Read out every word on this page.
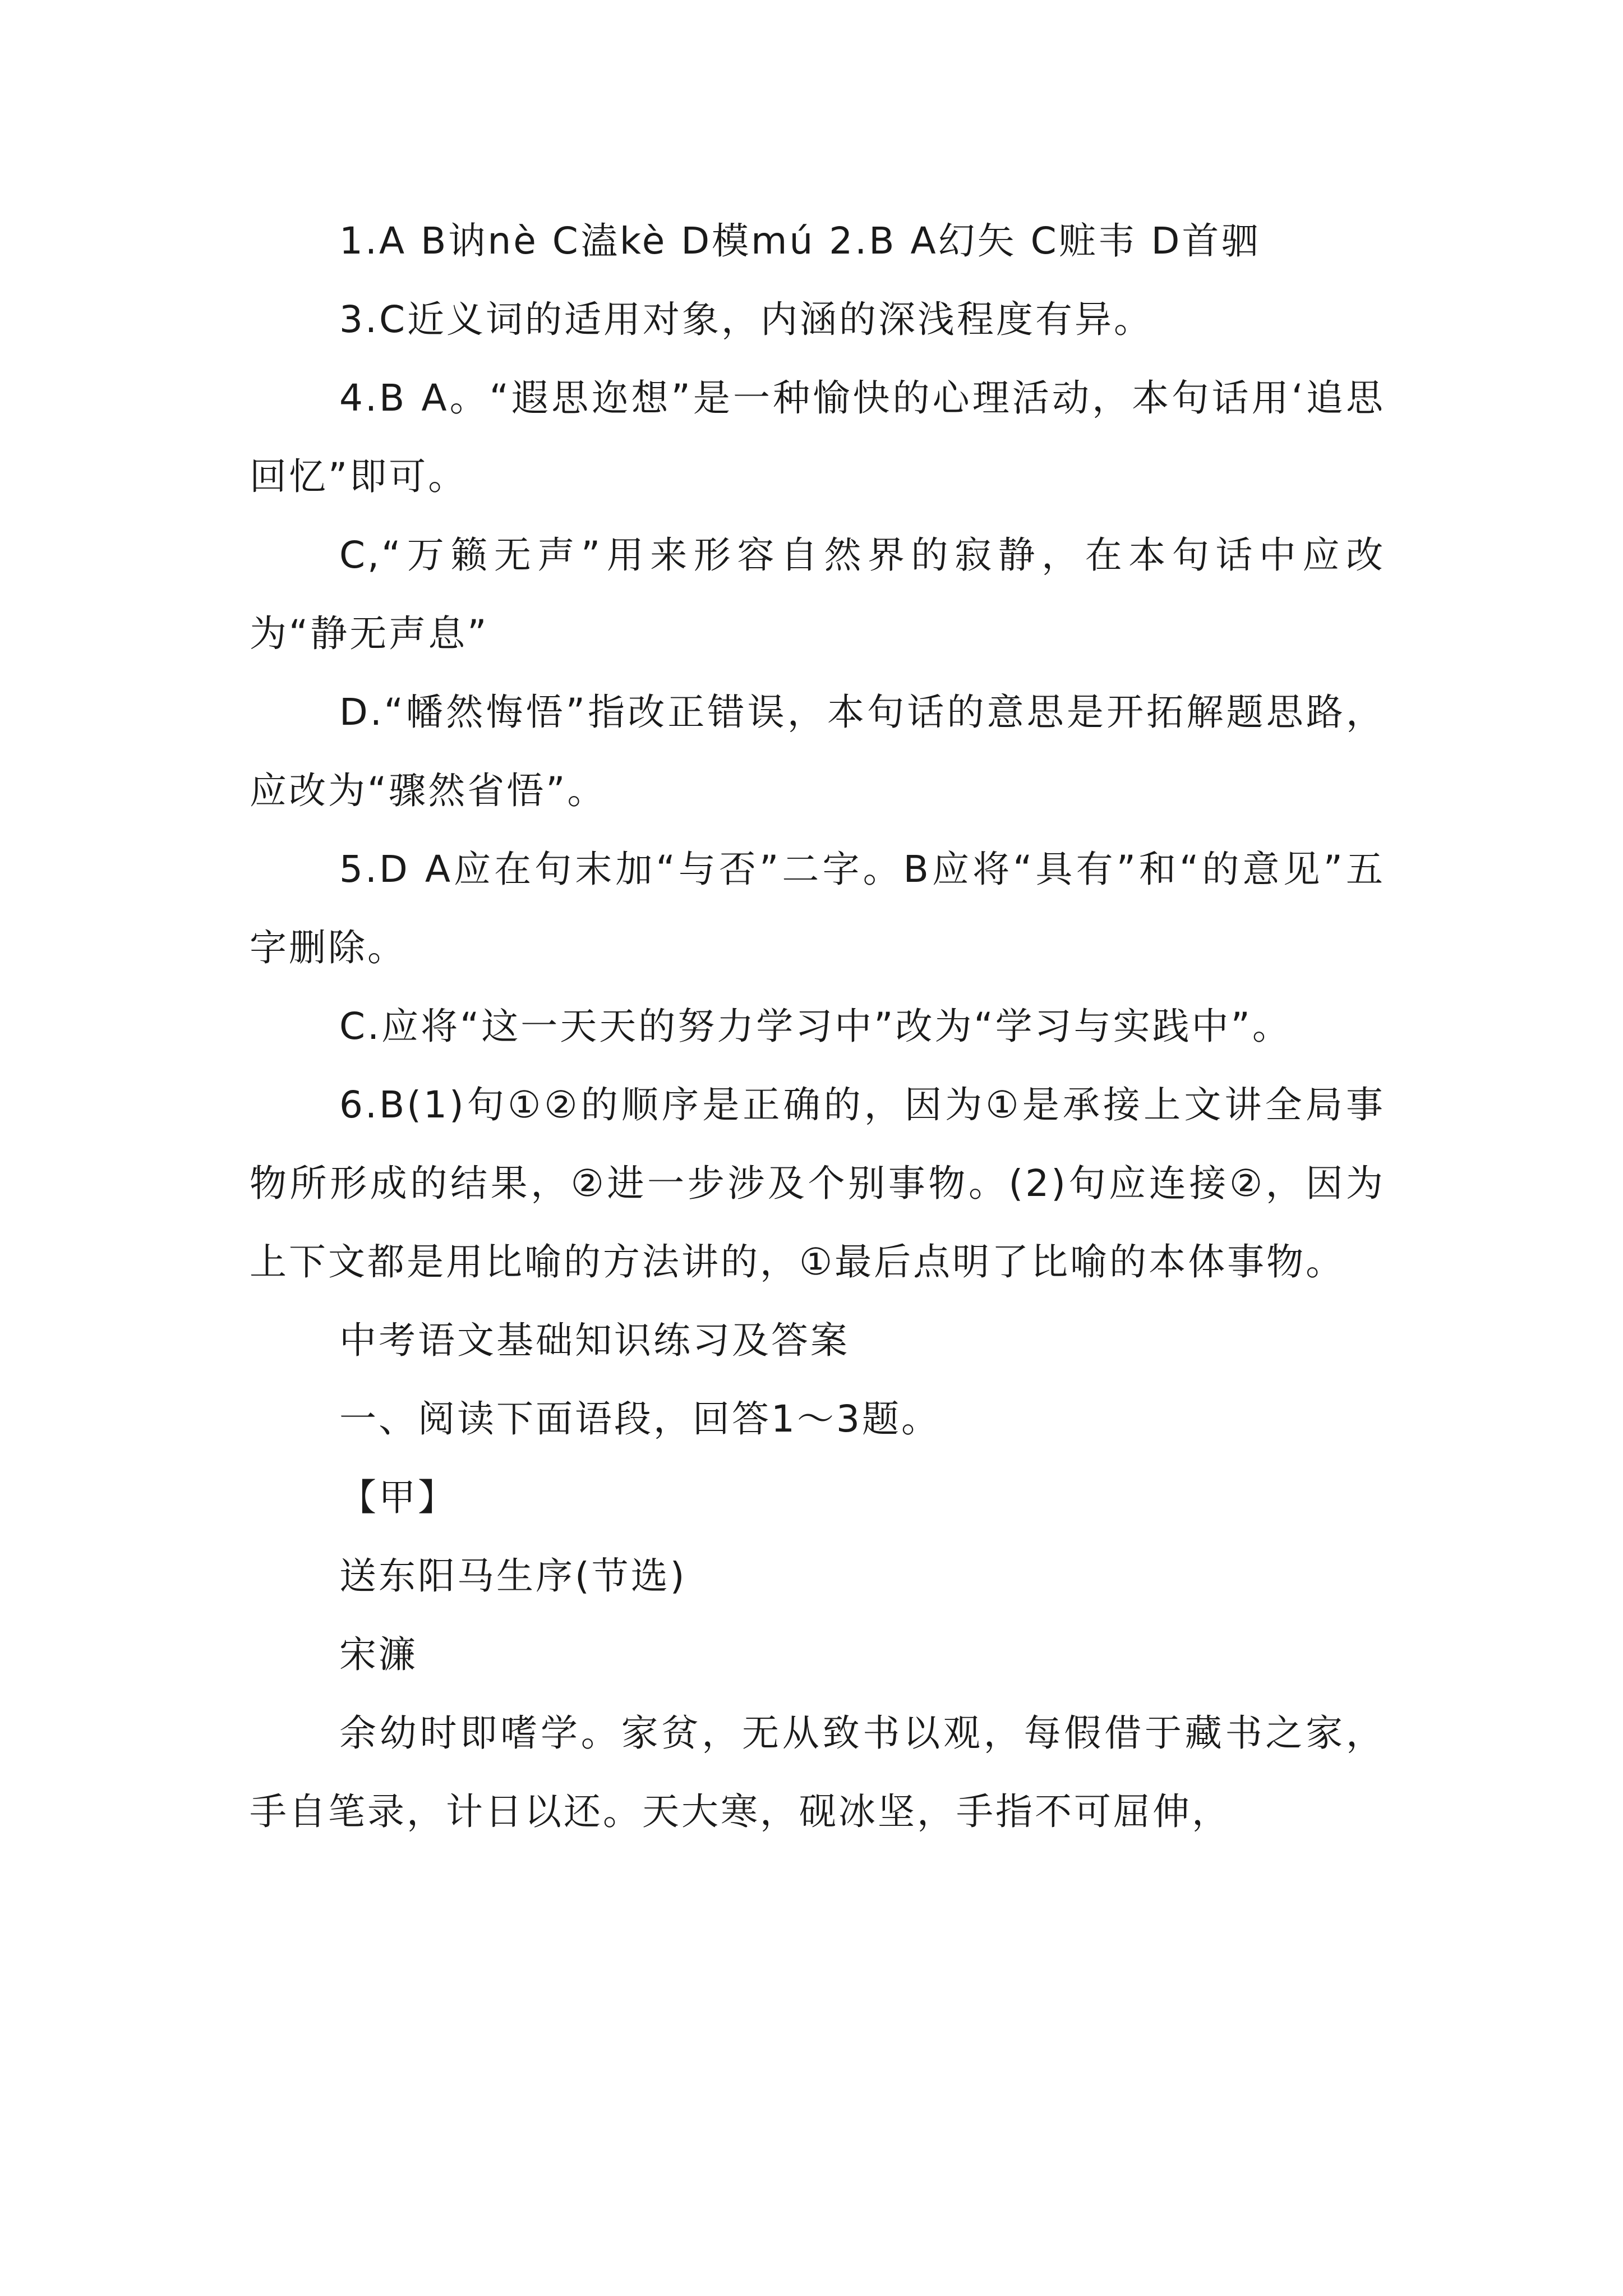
1.A B讷nè C溘kè D模mú 2.B A幻矢 C赃韦 D首驷

3.C近义词的适用对象，内涵的深浅程度有异。

4.B A。“遐思迩想”是一种愉快的心理活动，本句话用‘追思回忆”即可。

C,“万籁无声”用来形容自然界的寂静，在本句话中应改为“静无声息”

D.“幡然悔悟”指改正错误，本句话的意思是开拓解题思路，应改为“骤然省悟”。

5.D A应在句末加“与否”二字。B应将“具有”和“的意见”五字删除。

C.应将“这一天天的努力学习中”改为“学习与实践中”。

6.B(1)句①②的顺序是正确的，因为①是承接上文讲全局事物所形成的结果，②进一步涉及个别事物。(2)句应连接②，因为上下文都是用比喻的方法讲的，①最后点明了比喻的本体事物。

中考语文基础知识练习及答案

一、阅读下面语段，回答1～3题。

【甲】

送东阳马生序(节选)

宋濂

余幼时即嗜学。家贫，无从致书以观，每假借于藏书之家，手自笔录，计日以还。天大寒，砚冰坚，手指不可屈伸，
